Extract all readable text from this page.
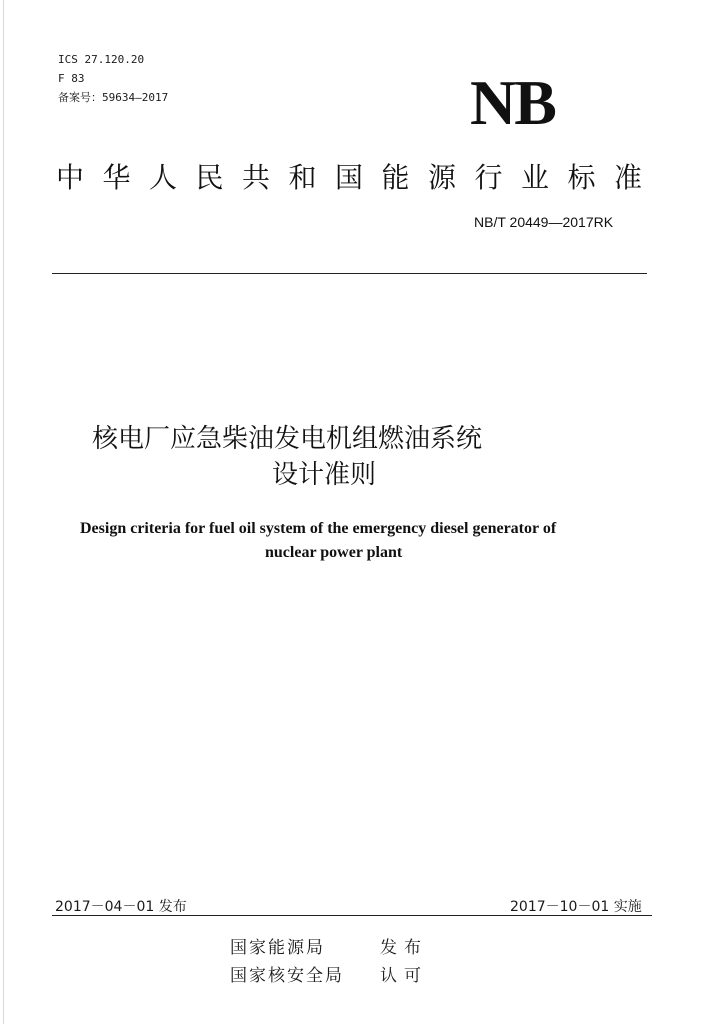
ICS 27.120.20
F 83
备案号：59634—2017	NB
中华人民共和国能源行业标准
NB/T 20449—2017RK
核电厂应急柴油发电机组燃油系统
设计准则
Design criteria for fuel oil system of the emergency diesel generator of
nuclear power plant
2017－04－01 发布	2017－10－01 实施
国家能源局	发布
国家核安全局 认可
